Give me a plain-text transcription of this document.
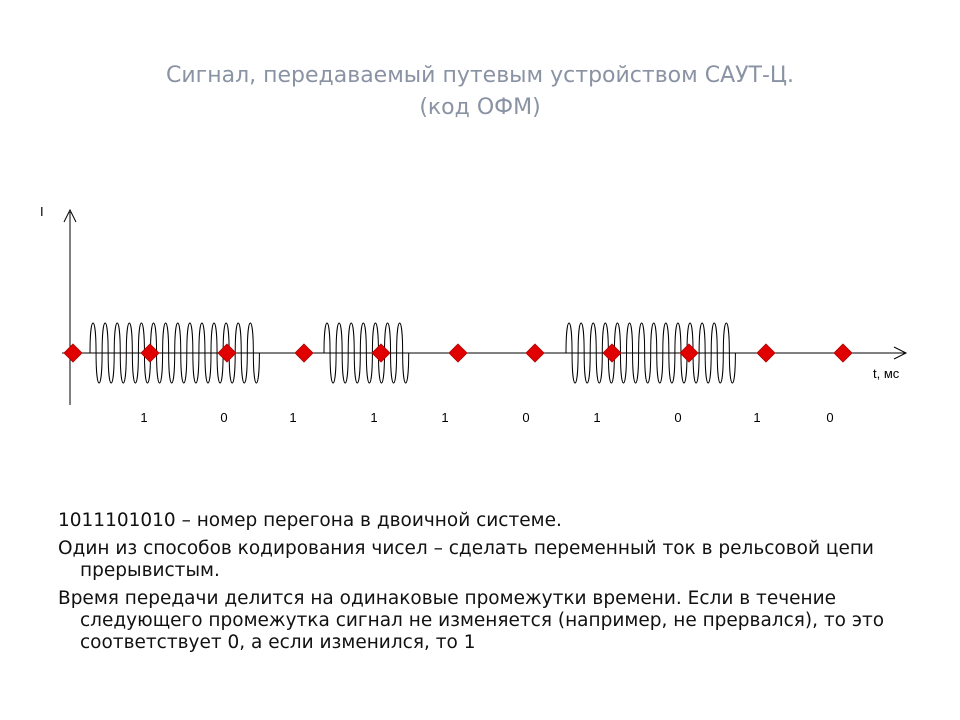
Сигнал, передаваемый путевым устройством САУТ-Ц.
(код ОФМ)
I
t, мс
1	0	1	1	1	0	1	0	1	0

1011101010 – номер перегона в двоичной системе.

Один из способов кодирования чисел – сделать переменный ток в рельсовой цепи прерывистым.

Время передачи делится на одинаковые промежутки времени. Если в течение следующего промежутка сигнал не изменяется (например, не прервался), то это соответствует 0, а если изменился, то 1
